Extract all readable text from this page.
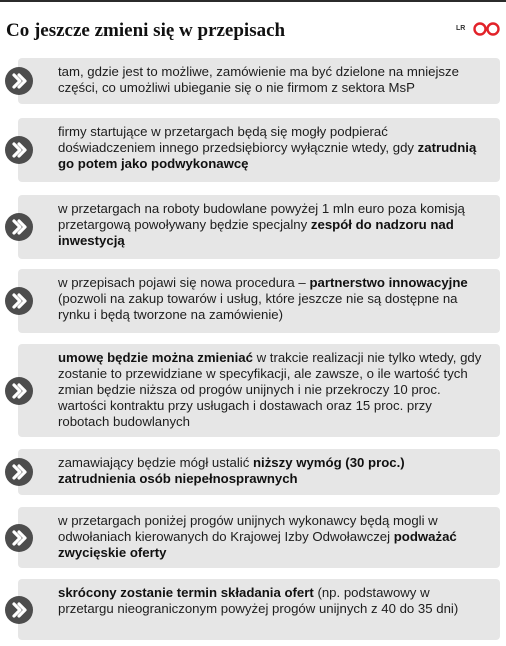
Co jeszcze zmieni się w przepisach	LR
tam, gdzie jest to możliwe, zamówienie ma być dzielone na mniejsze części, co umożliwi ubieganie się o nie firmom z sektora MsP
firmy startujące w przetargach będą się mogły podpierać doświadczeniem innego przedsiębiorcy wyłącznie wtedy, gdy zatrudnią go potem jako podwykonawcę
w przetargach na roboty budowlane powyżej 1 mln euro poza komisją przetargową powoływany będzie specjalny zespół do nadzoru nad inwestycją
w przepisach pojawi się nowa procedura – partnerstwo innowacyjne (pozwoli na zakup towarów i usług, które jeszcze nie są dostępne na rynku i będą tworzone na zamówienie)
umowę będzie można zmieniać w trakcie realizacji nie tylko wtedy, gdy zostanie to przewidziane w specyfikacji, ale zawsze, o ile wartość tych zmian będzie niższa od progów unijnych i nie przekroczy 10 proc. wartości kontraktu przy usługach i dostawach oraz 15 proc. przy robotach budowlanych
zamawiający będzie mógł ustalić niższy wymóg (30 proc.) zatrudnienia osób niepełnosprawnych
w przetargach poniżej progów unijnych wykonawcy będą mogli w odwołaniach kierowanych do Krajowej Izby Odwoławczej podważać zwycięskie oferty
skrócony zostanie termin składania ofert (np. podstawowy w przetargu nieograniczonym powyżej progów unijnych z 40 do 35 dni)
